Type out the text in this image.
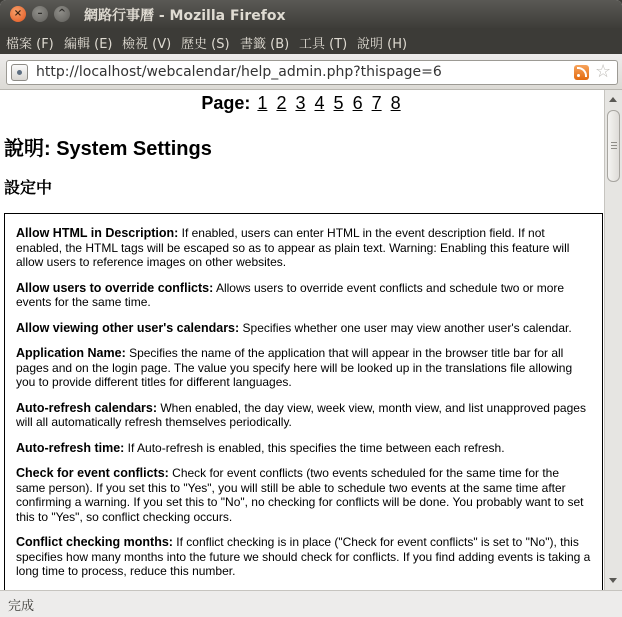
×	–	^ 網路行事曆 - Mozilla Firefox
檔案 (F) 編輯 (E) 檢視 (V) 歷史 (S) 書籤 (B) 工具 (T) 說明 (H)
http://localhost/webcalendar/help_admin.php?thispage=6	☆
Page: 1 2 3 4 5 6 7 8
說明: System Settings
設定中

Allow HTML in Description: If enabled, users can enter HTML in the event description field. If not enabled, the HTML tags will be escaped so as to appear as plain text. Warning: Enabling this feature will allow users to reference images on other websites.

Allow users to override conflicts: Allows users to override event conflicts and schedule two or more events for the same time.

Allow viewing other user's calendars: Specifies whether one user may view another user's calendar.

Application Name: Specifies the name of the application that will appear in the browser title bar for all pages and on the login page. The value you specify here will be looked up in the translations file allowing you to provide different titles for different languages.

Auto-refresh calendars: When enabled, the day view, week view, month view, and list unapproved pages will all automatically refresh themselves periodically.

Auto-refresh time: If Auto-refresh is enabled, this specifies the time between each refresh.

Check for event conflicts: Check for event conflicts (two events scheduled for the same time for the same person). If you set this to "Yes", you will still be able to schedule two events at the same time after confirming a warning. If you set this to "No", no checking for conflicts will be done. You probably want to set this to "Yes", so conflict checking occurs.

Conflict checking months: If conflict checking is in place ("Check for event conflicts" is set to "No"), this specifies how many months into the future we should check for conflicts. If you find adding events is taking a long time to process, reduce this number.

完成
